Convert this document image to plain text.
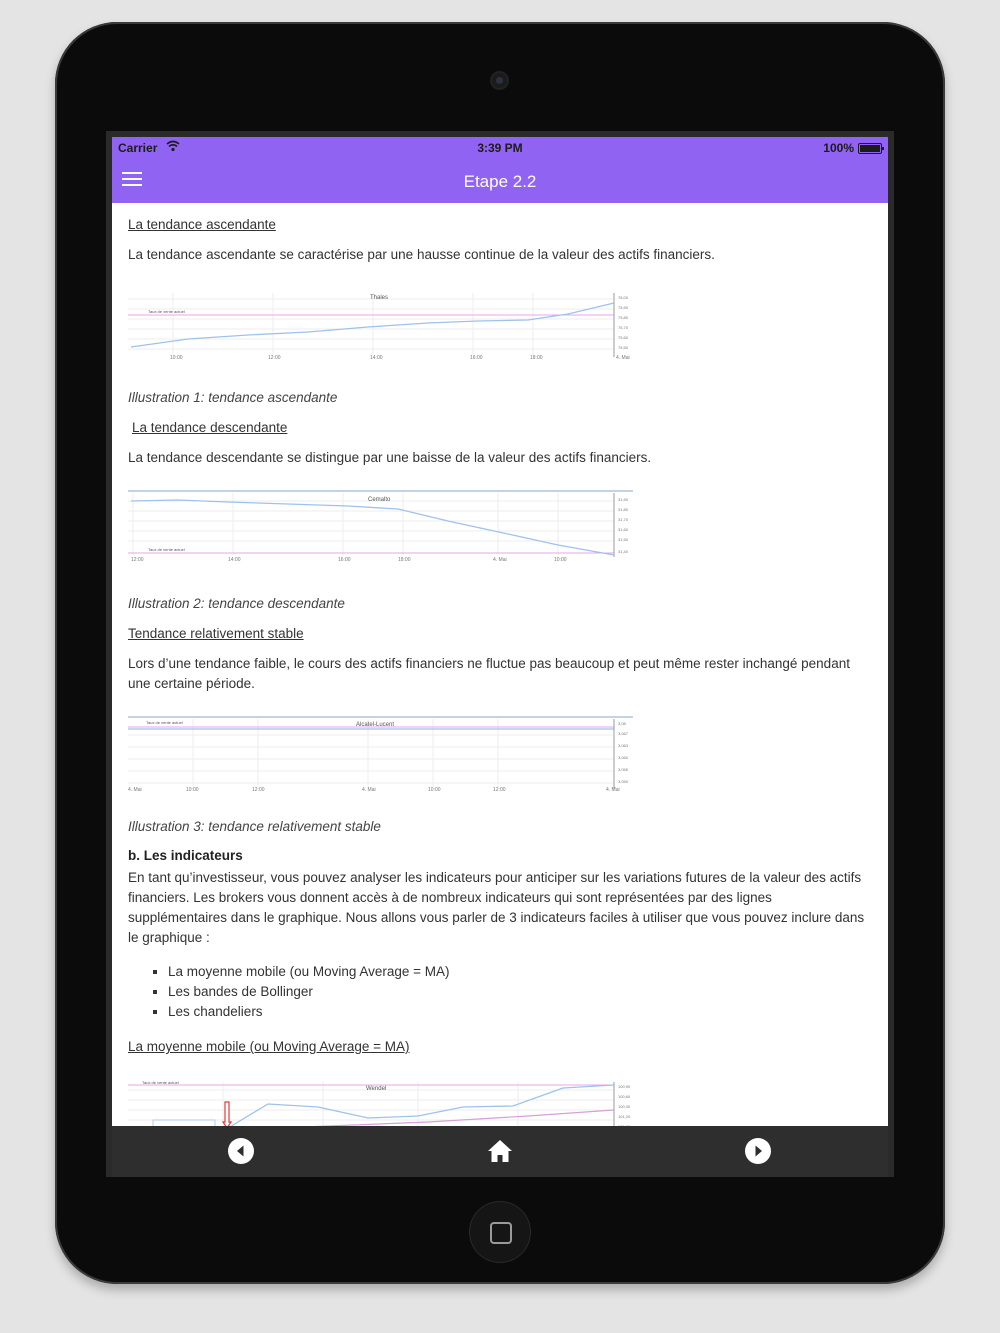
Carrier	3:39 PM	100%
Etape 2.2
La tendance ascendante
La tendance ascendante se caractérise par une hausse continue de la valeur des actifs financiers.
10:00	12:00	14:00	16:00	18:00	4. Mai
76,00
75,90
75,80
75,70
75,60
75,50
Thales
Taux de vente actuel
Illustration 1: tendance ascendante
La tendance descendante
La tendance descendante se distingue par une baisse de la valeur des actifs financiers.
12:00	14:00	16:00	18:00	4. Mai	10:00
31,90
31,80
31,70
31,60
31,50
31,40
Cemalto
Taux de vente actuel
Illustration 2: tendance descendante
Tendance relativement stable
Lors d’une tendance faible, le cours des actifs financiers ne fluctue pas beaucoup et peut même rester inchangé pendant une certaine période.
4. Mai	10:00	12:00	4. Mai	10:00	12:00	4. Mai
3,08
3,067
3,063
3,060
3,055
3,050
Alcatel-Lucent
Taux de vente actuel
Illustration 3: tendance relativement stable
b. Les indicateurs
En tant qu’investisseur, vous pouvez analyser les indicateurs pour anticiper sur les variations futures de la valeur des actifs financiers. Les brokers vous donnent accès à de nombreux indicateurs qui sont représentées par des lignes supplémentaires dans le graphique. Nous allons vous parler de 3 indicateurs faciles à utiliser que vous pouvez inclure dans le graphique :
▪ La moyenne mobile (ou Moving Average = MA)
▪ Les bandes de Bollinger
▪ Les chandeliers
La moyenne mobile (ou Moving Average = MA)
100,90
100,60
100,30
101,20
Wendel
Taux de vente actuel
